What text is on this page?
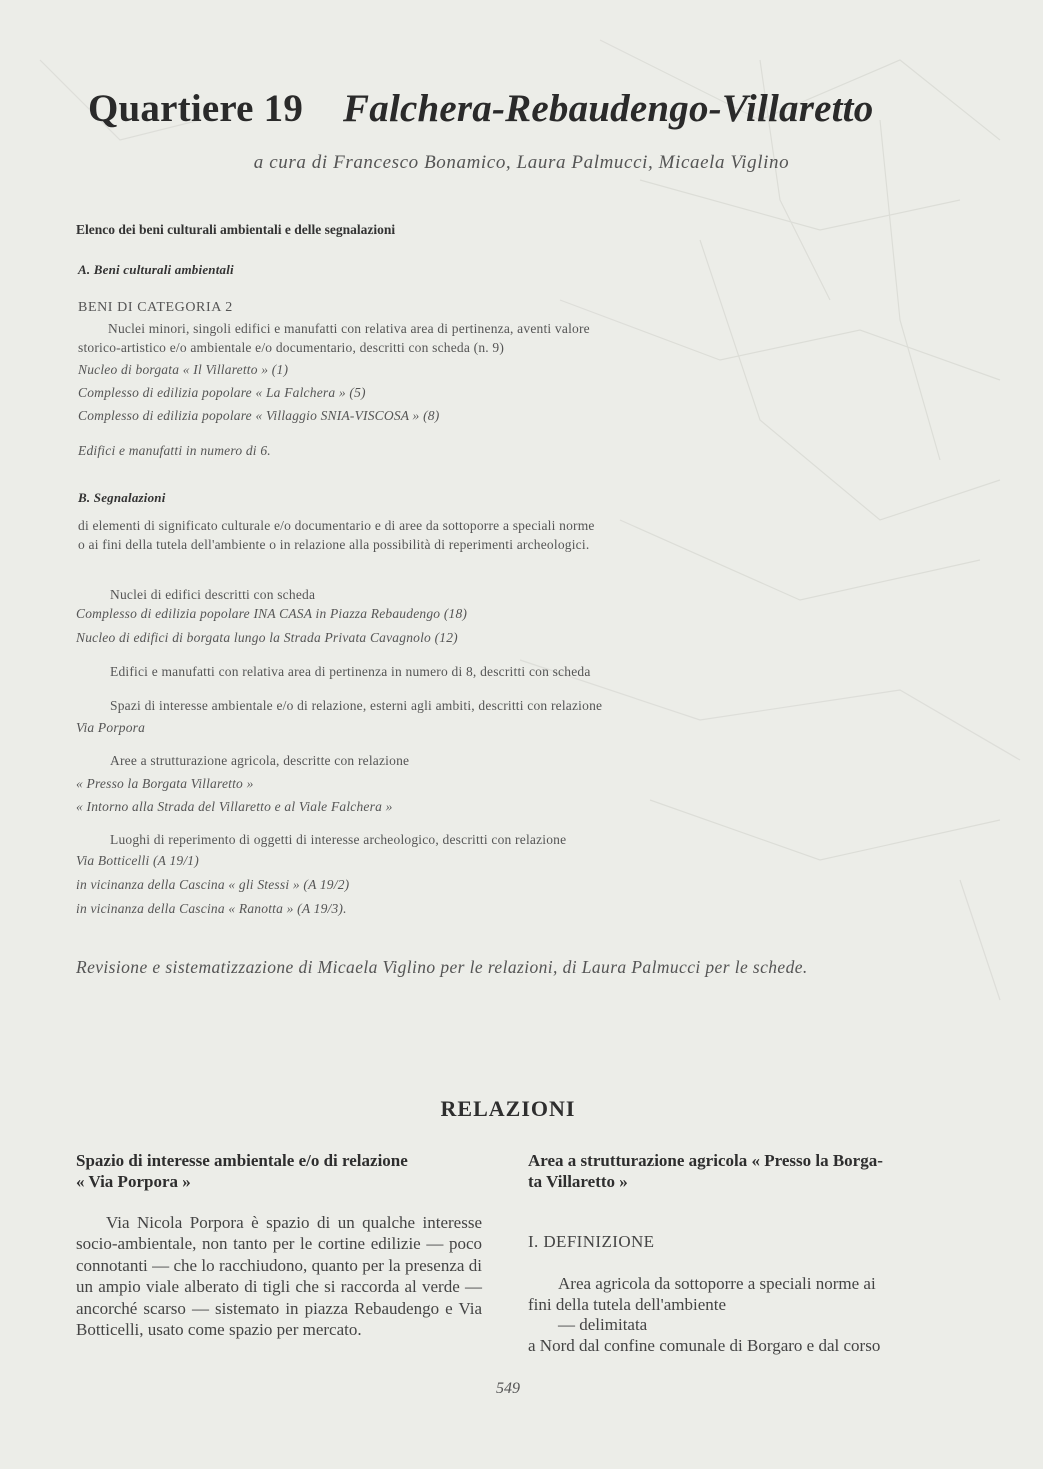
Quartiere 19 Falchera-Rebaudengo-Villaretto
a cura di Francesco Bonamico, Laura Palmucci, Micaela Viglino
Elenco dei beni culturali ambientali e delle segnalazioni
A. Beni culturali ambientali
BENI DI CATEGORIA 2
Nuclei minori, singoli edifici e manufatti con relativa area di pertinenza, aventi valore
storico-artistico e/o ambientale e/o documentario, descritti con scheda (n. 9)
Nucleo di borgata « Il Villaretto » (1)
Complesso di edilizia popolare « La Falchera » (5)
Complesso di edilizia popolare « Villaggio SNIA-VISCOSA » (8)
Edifici e manufatti in numero di 6.
B. Segnalazioni
di elementi di significato culturale e/o documentario e di aree da sottoporre a speciali norme
o ai fini della tutela dell'ambiente o in relazione alla possibilità di reperimenti archeologici.
Nuclei di edifici descritti con scheda
Complesso di edilizia popolare INA CASA in Piazza Rebaudengo (18)
Nucleo di edifici di borgata lungo la Strada Privata Cavagnolo (12)
Edifici e manufatti con relativa area di pertinenza in numero di 8, descritti con scheda
Spazi di interesse ambientale e/o di relazione, esterni agli ambiti, descritti con relazione
Via Porpora
Aree a strutturazione agricola, descritte con relazione
« Presso la Borgata Villaretto »
« Intorno alla Strada del Villaretto e al Viale Falchera »
Luoghi di reperimento di oggetti di interesse archeologico, descritti con relazione
Via Botticelli (A 19/1)
in vicinanza della Cascina « gli Stessi » (A 19/2)
in vicinanza della Cascina « Ranotta » (A 19/3).
Revisione e sistematizzazione di Micaela Viglino per le relazioni, di Laura Palmucci per le schede.
RELAZIONI
Spazio di interesse ambientale e/o di relazione
« Via Porpora »
Via Nicola Porpora è spazio di un qualche interesse socio-ambientale, non tanto per le cortine edilizie — poco connotanti — che lo racchiudono, quanto per la presenza di un ampio viale alberato di tigli che si raccorda al verde — ancorché scarso — sistemato in piazza Rebaudengo e Via Botticelli, usato come spazio per mercato.
Area a strutturazione agricola « Presso la Borga-
ta Villaretto »
I. DEFINIZIONE
Area agricola da sottoporre a speciali norme ai
fini della tutela dell'ambiente
— delimitata
a Nord dal confine comunale di Borgaro e dal corso
549
